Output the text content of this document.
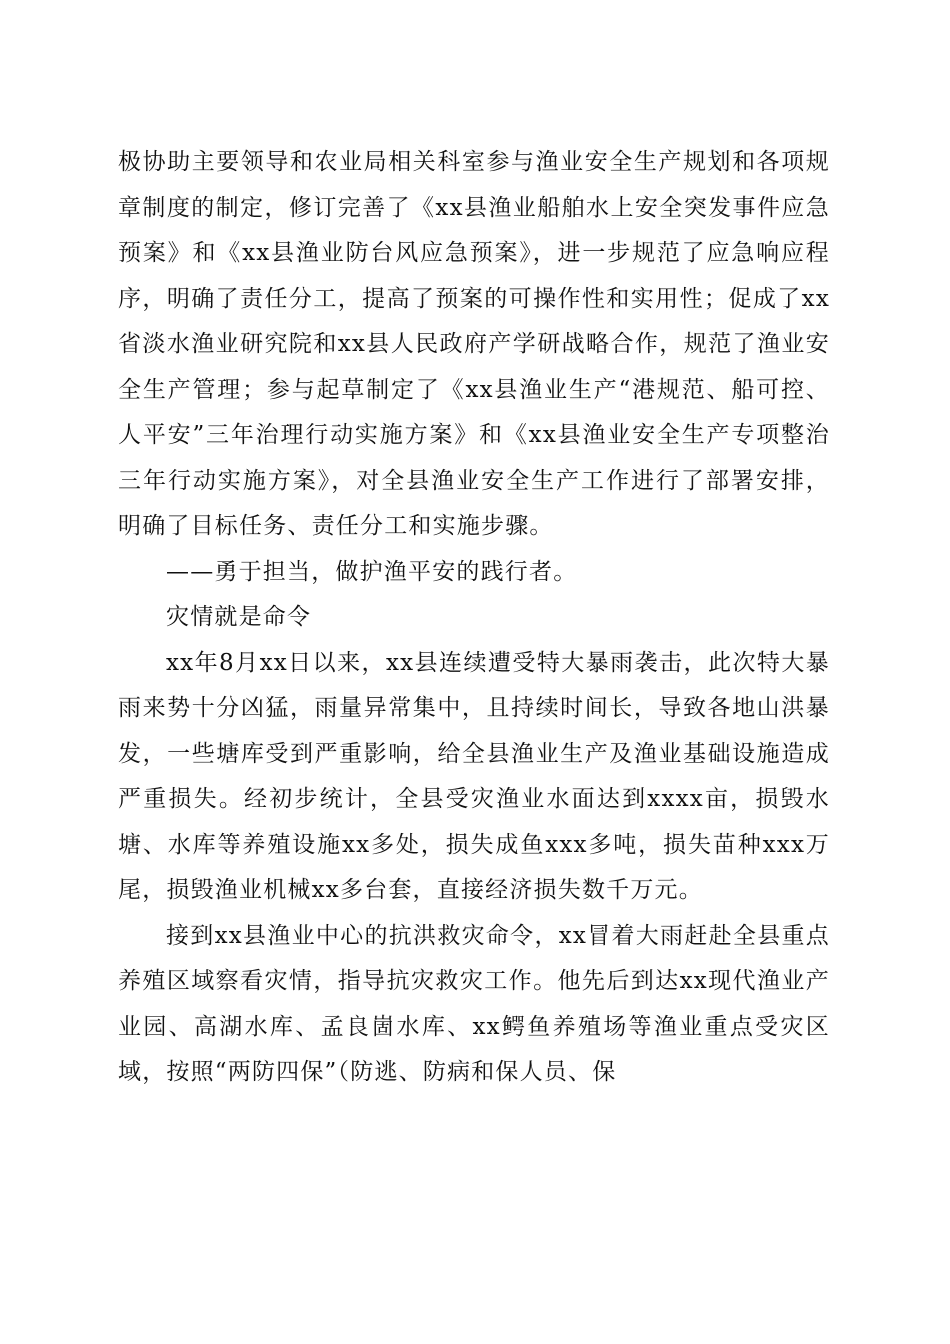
极协助主要领导和农业局相关科室参与渔业安全生产规划和各项规章制度的制定，修订完善了《xx县渔业船舶水上安全突发事件应急预案》和《xx县渔业防台风应急预案》，进一步规范了应急响应程序，明确了责任分工，提高了预案的可操作性和实用性；促成了xx省淡水渔业研究院和xx县人民政府产学研战略合作，规范了渔业安全生产管理；参与起草制定了《xx县渔业生产“港规范、船可控、人平安”三年治理行动实施方案》和《xx县渔业安全生产专项整治三年行动实施方案》，对全县渔业安全生产工作进行了部署安排，明确了目标任务、责任分工和实施步骤。

——勇于担当，做护渔平安的践行者。

灾情就是命令

xx年8月xx日以来，xx县连续遭受特大暴雨袭击，此次特大暴雨来势十分凶猛，雨量异常集中，且持续时间长，导致各地山洪暴发，一些塘库受到严重影响，给全县渔业生产及渔业基础设施造成严重损失。经初步统计，全县受灾渔业水面达到xxxx亩，损毁水塘、水库等养殖设施xx多处，损失成鱼xxx多吨，损失苗种xxx万尾，损毁渔业机械xx多台套，直接经济损失数千万元。

接到xx县渔业中心的抗洪救灾命令，xx冒着大雨赶赴全县重点养殖区域察看灾情，指导抗灾救灾工作。他先后到达xx现代渔业产业园、高湖水库、孟良崮水库、xx鳄鱼养殖场等渔业重点受灾区域，按照“两防四保”（防逃、防病和保人员、保
